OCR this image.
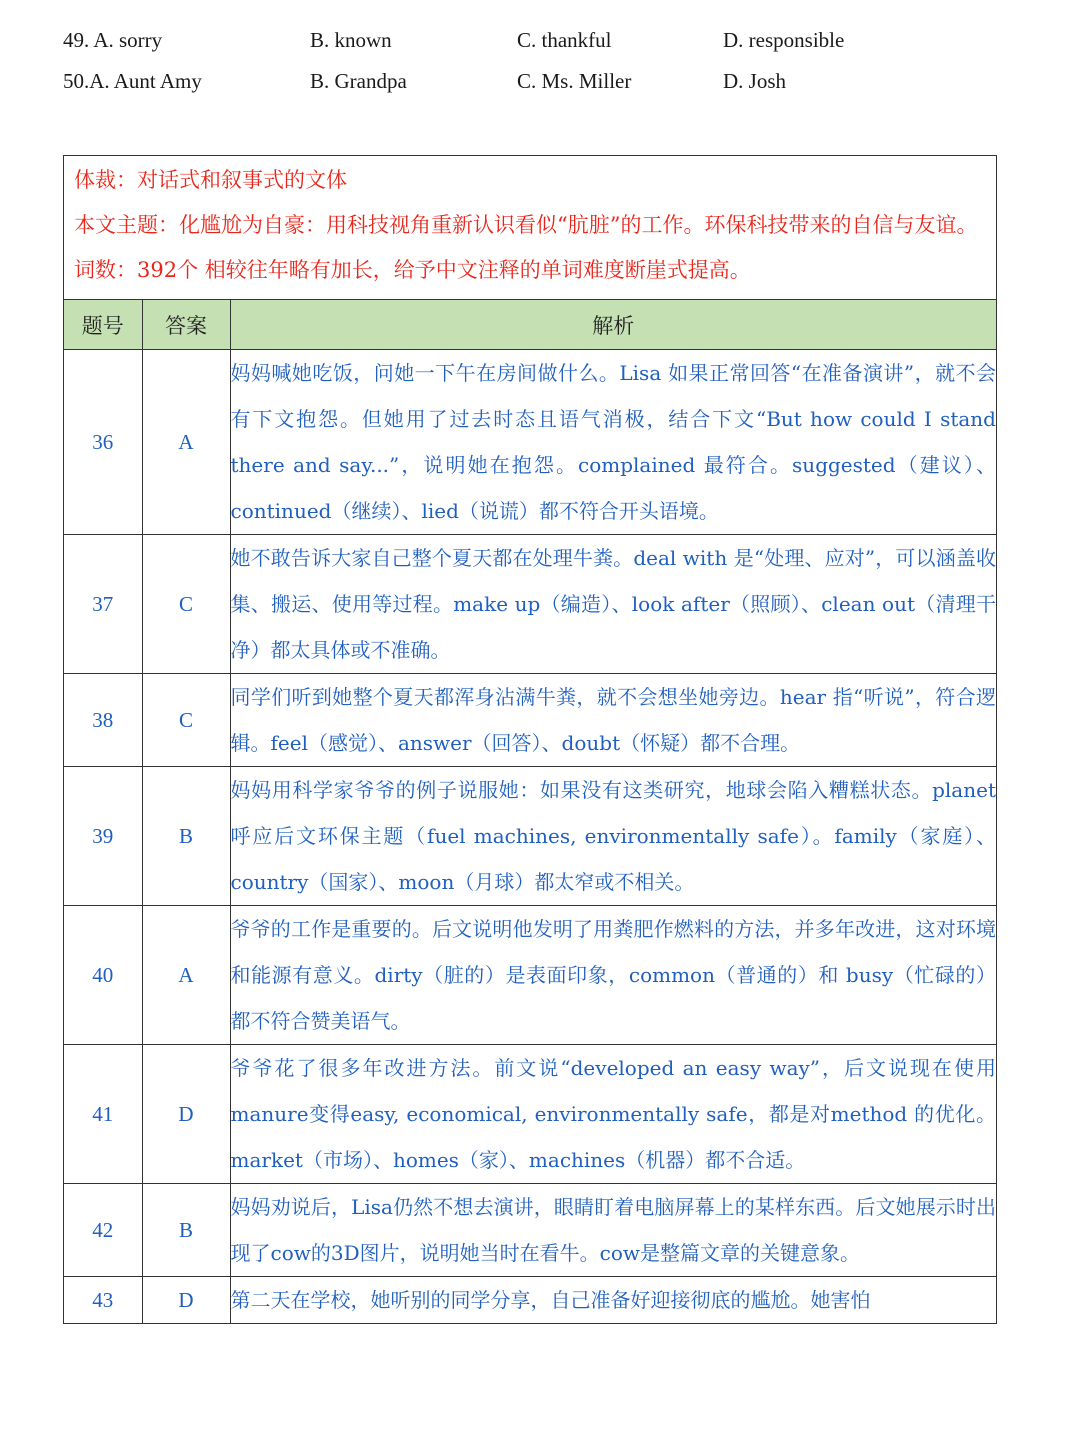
49. A. sorry	B. known	C. thankful	D. responsible
50.A. Aunt Amy	B. Grandpa	C. Ms. Miller	D. Josh
体裁：对话式和叙事式的文体
本文主题：化尴尬为自豪：用科技视角重新认识看似“肮脏”的工作。环保科技带来的自信与友谊。
词数：392个 相较往年略有加长，给予中文注释的单词难度断崖式提高。
题号	答案	解析
36	A	妈妈喊她吃饭，问她一下午在房间做什么。Lisa 如果正常回答“在准备演讲”，就不会有下文抱怨。但她用了过去时态且语气消极，结合下文“But how could I stand there and say...”，说明她在抱怨。complained 最符合。suggested（建议）、continued（继续）、lied（说谎）都不符合开头语境。
37	C	她不敢告诉大家自己整个夏天都在处理牛粪。deal with 是“处理、应对”，可以涵盖收集、搬运、使用等过程。make up（编造）、look after（照顾）、clean out（清理干净）都太具体或不准确。
38	C	同学们听到她整个夏天都浑身沾满牛粪，就不会想坐她旁边。hear 指“听说”，符合逻辑。feel（感觉）、answer（回答）、doubt（怀疑）都不合理。
39	B	妈妈用科学家爷爷的例子说服她：如果没有这类研究，地球会陷入糟糕状态。planet 呼应后文环保主题（fuel machines, environmentally safe）。family（家庭）、country（国家）、moon（月球）都太窄或不相关。
40	A	爷爷的工作是重要的。后文说明他发明了用粪肥作燃料的方法，并多年改进，这对环境和能源有意义。dirty（脏的）是表面印象，common（普通的）和 busy（忙碌的）都不符合赞美语气。
41	D	爷爷花了很多年改进方法。前文说“developed an easy way”，后文说现在使用manure变得easy, economical, environmentally safe，都是对method 的优化。market（市场）、homes（家）、machines（机器）都不合适。
42	B	妈妈劝说后，Lisa仍然不想去演讲，眼睛盯着电脑屏幕上的某样东西。后文她展示时出现了cow的3D图片，说明她当时在看牛。cow是整篇文章的关键意象。
43	D	第二天在学校，她听别的同学分享，自己准备好迎接彻底的尴尬。她害怕
